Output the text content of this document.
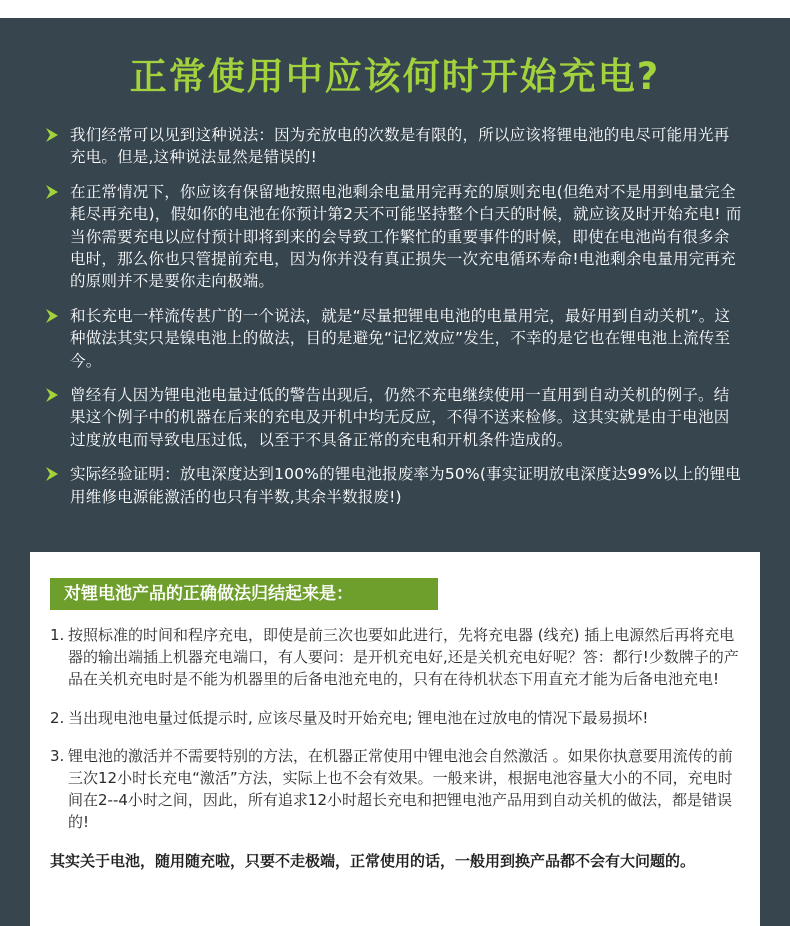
正常使用中应该何时开始充电?
我们经常可以见到这种说法：因为充放电的次数是有限的，所以应该将锂电池的电尽可能用光再充电。但是,这种说法显然是错误的!
在正常情况下，你应该有保留地按照电池剩余电量用完再充的原则充电(但绝对不是用到电量完全耗尽再充电)，假如你的电池在你预计第2天不可能坚持整个白天的时候，就应该及时开始充电! 而当你需要充电以应付预计即将到来的会导致工作繁忙的重要事件的时候，即使在电池尚有很多余电时，那么你也只管提前充电，因为你并没有真正损失一次充电循环寿命!电池剩余电量用完再充的原则并不是要你走向极端。
和长充电一样流传甚广的一个说法，就是“尽量把锂电电池的电量用完，最好用到自动关机”。这种做法其实只是镍电池上的做法，目的是避免“记忆效应”发生，不幸的是它也在锂电池上流传至今。
曾经有人因为锂电池电量过低的警告出现后，仍然不充电继续使用一直用到自动关机的例子。结果这个例子中的机器在后来的充电及开机中均无反应，不得不送来检修。这其实就是由于电池因过度放电而导致电压过低，以至于不具备正常的充电和开机条件造成的。
实际经验证明：放电深度达到100%的锂电池报废率为50%(事实证明放电深度达99%以上的锂电用维修电源能激活的也只有半数,其余半数报废!)
对锂电池产品的正确做法归结起来是：
1. 按照标准的时间和程序充电，即使是前三次也要如此进行，先将充电器 (线充) 插上电源然后再将充电器的输出端插上机器充电端口，有人要问：是开机充电好,还是关机充电好呢？答：都行!少数牌子的产品在关机充电时是不能为机器里的后备电池充电的，只有在待机状态下用直充才能为后备电池充电!
2. 当出现电池电量过低提示时, 应该尽量及时开始充电; 锂电池在过放电的情况下最易损坏!
3. 锂电池的激活并不需要特别的方法，在机器正常使用中锂电池会自然激活 。如果你执意要用流传的前三次12小时长充电“激活”方法，实际上也不会有效果。一般来讲，根据电池容量大小的不同，充电时间在2--4小时之间，因此，所有追求12小时超长充电和把锂电池产品用到自动关机的做法，都是错误的!
其实关于电池，随用随充啦，只要不走极端，正常使用的话，一般用到换产品都不会有大问题的。
